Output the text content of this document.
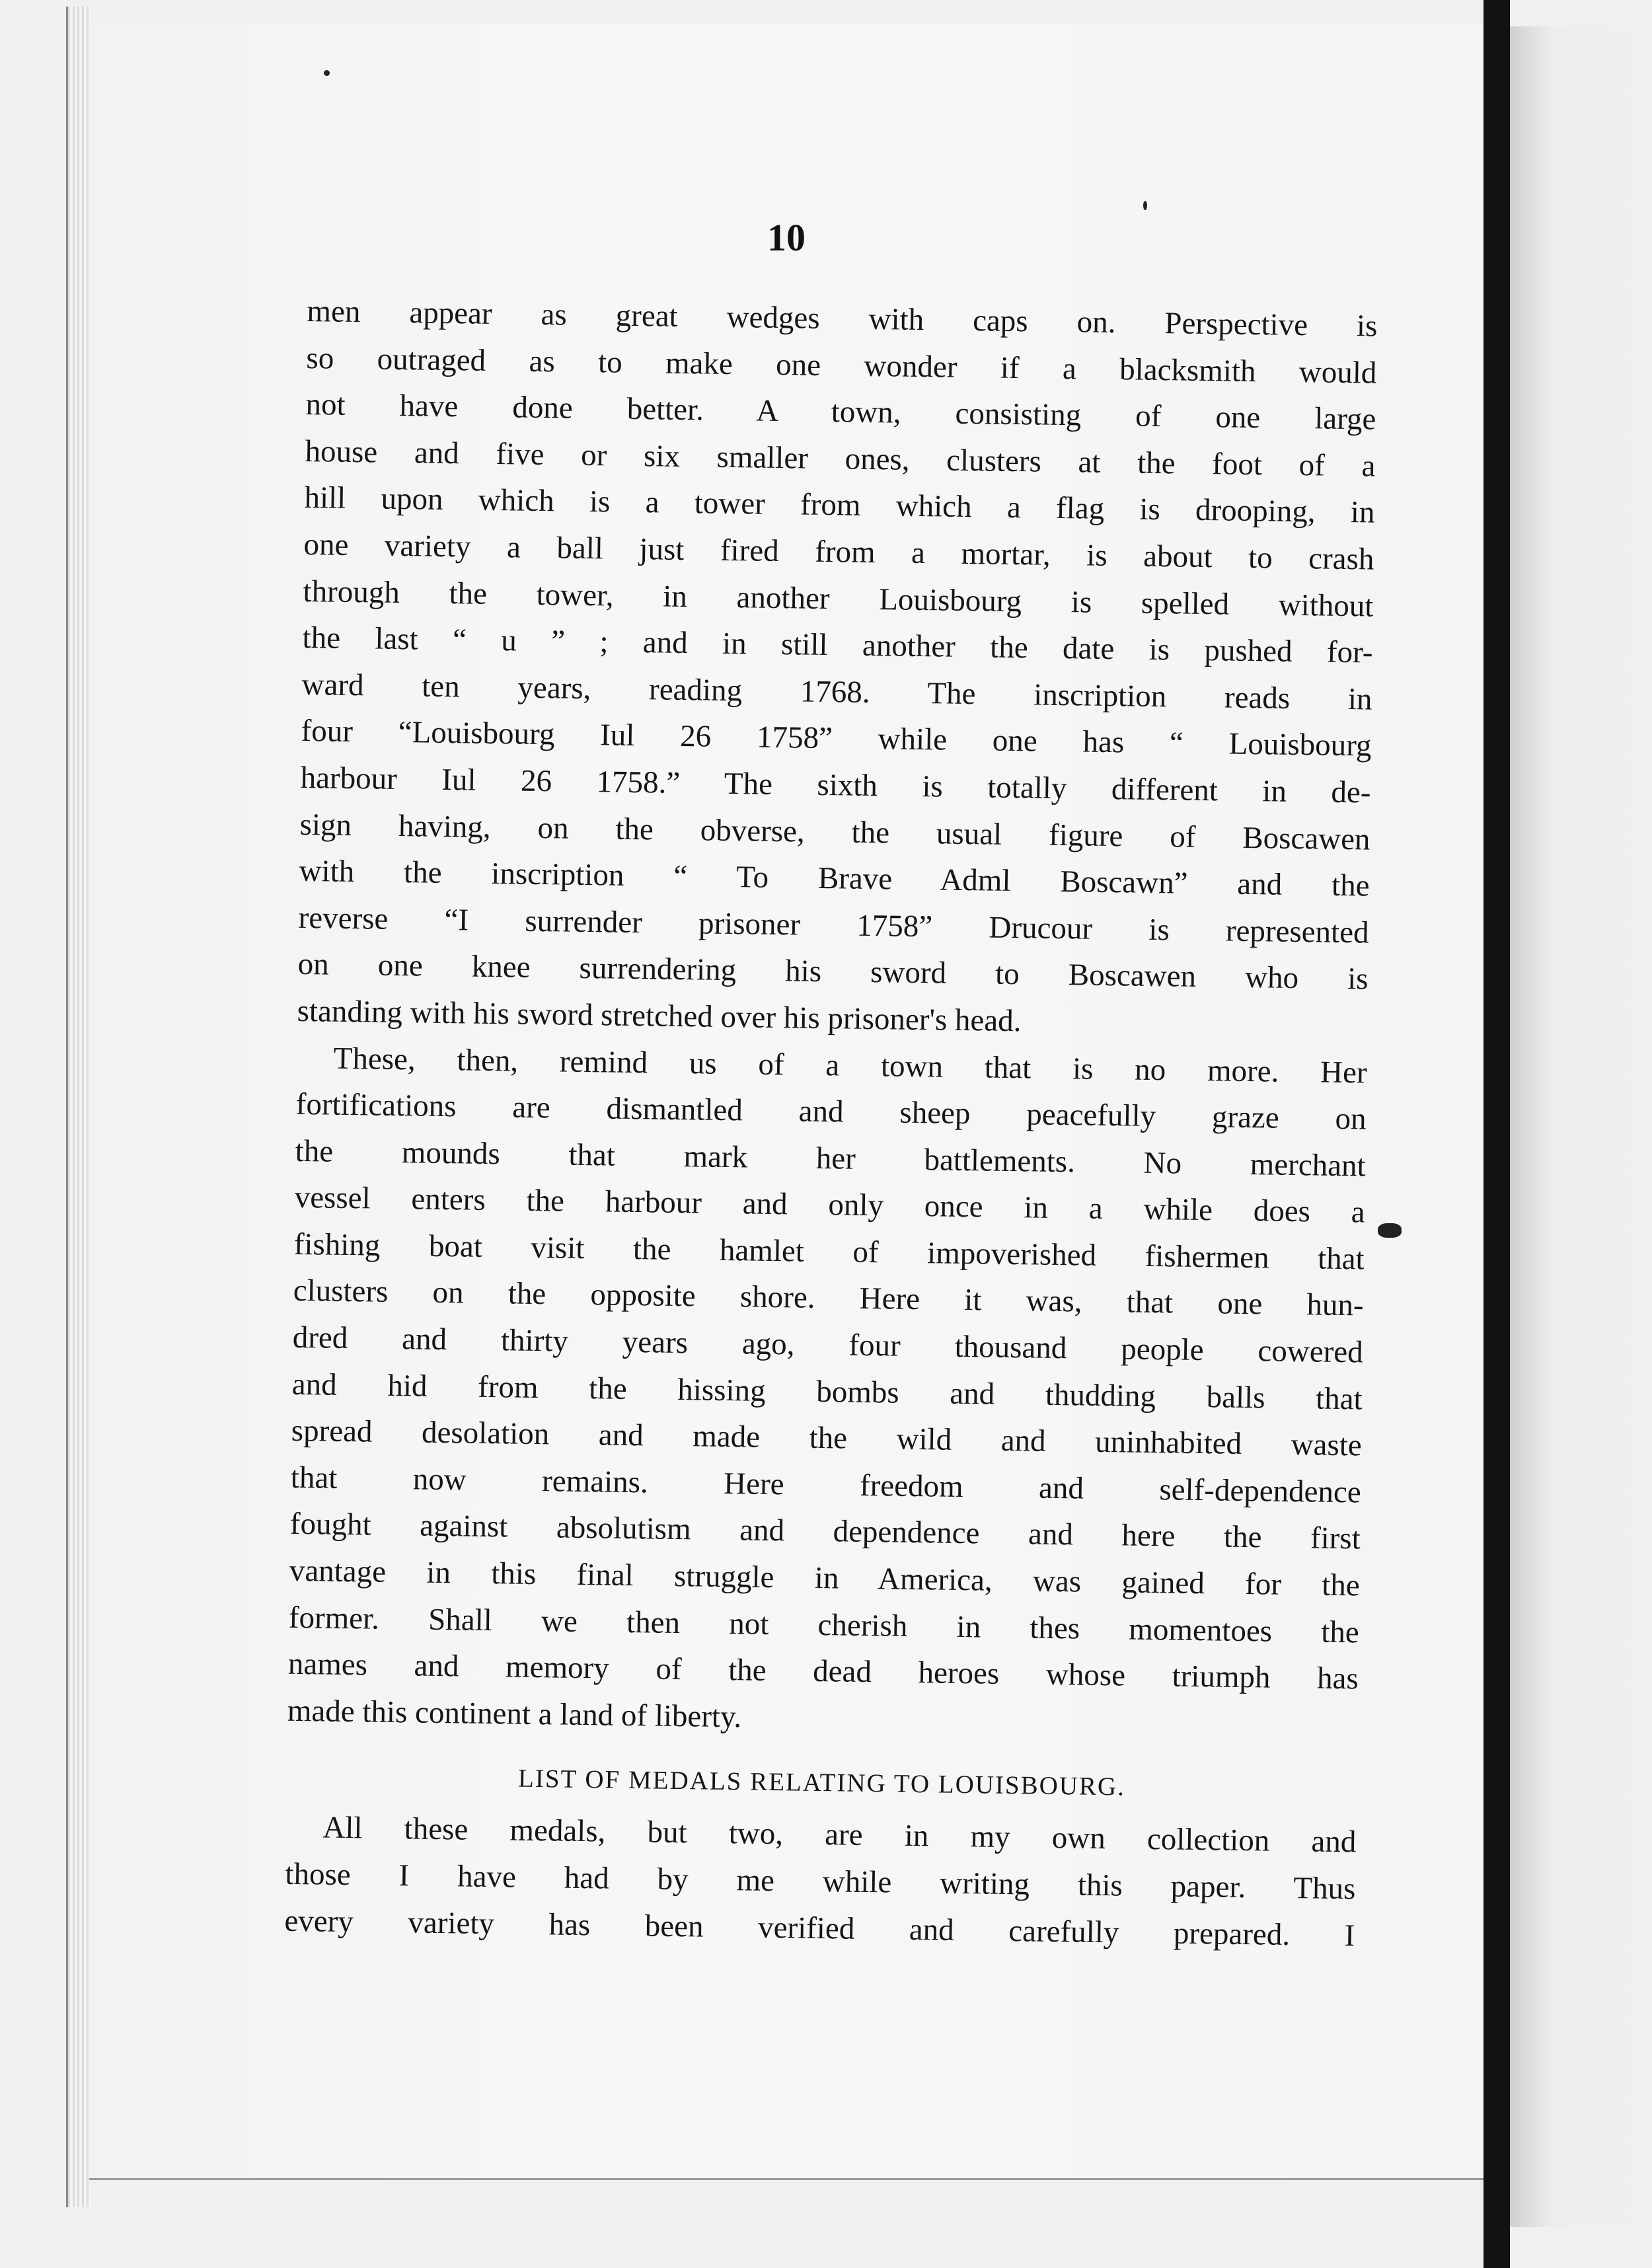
10
men appear as great wedges with caps on. Perspective is
so outraged as to make one wonder if a blacksmith would
not have done better. A town, consisting of one large
house and five or six smaller ones, clusters at the foot of a
hill upon which is a tower from which a flag is drooping, in
one variety a ball just fired from a mortar, is about to crash
through the tower, in another Louisbourg is spelled without
the last “ u ” ; and in still another the date is pushed for-
ward ten years, reading 1768. The inscription reads in
four “Louisbourg Iul 26 1758” while one has “ Louisbourg
harbour Iul 26 1758.” The sixth is totally different in de-
sign having, on the obverse, the usual figure of Boscawen
with the inscription “ To Brave Adml Boscawn” and the
reverse “I surrender prisoner 1758” Drucour is represented
on one knee surrendering his sword to Boscawen who is
standing with his sword stretched over his prisoner's head.
These, then, remind us of a town that is no more. Her
fortifications are dismantled and sheep peacefully graze on
the mounds that mark her battlements. No merchant
vessel enters the harbour and only once in a while does a
fishing boat visit the hamlet of impoverished fishermen that
clusters on the opposite shore. Here it was, that one hun-
dred and thirty years ago, four thousand people cowered
and hid from the hissing bombs and thudding balls that
spread desolation and made the wild and uninhabited waste
that now remains. Here freedom and self-dependence
fought against absolutism and dependence and here the first
vantage in this final struggle in America, was gained for the
former. Shall we then not cherish in thes momentoes the
names and memory of the dead heroes whose triumph has
made this continent a land of liberty.
LIST OF MEDALS RELATING TO LOUISBOURG.
All these medals, but two, are in my own collection and
those I have had by me while writing this paper. Thus
every variety has been verified and carefully prepared. I
